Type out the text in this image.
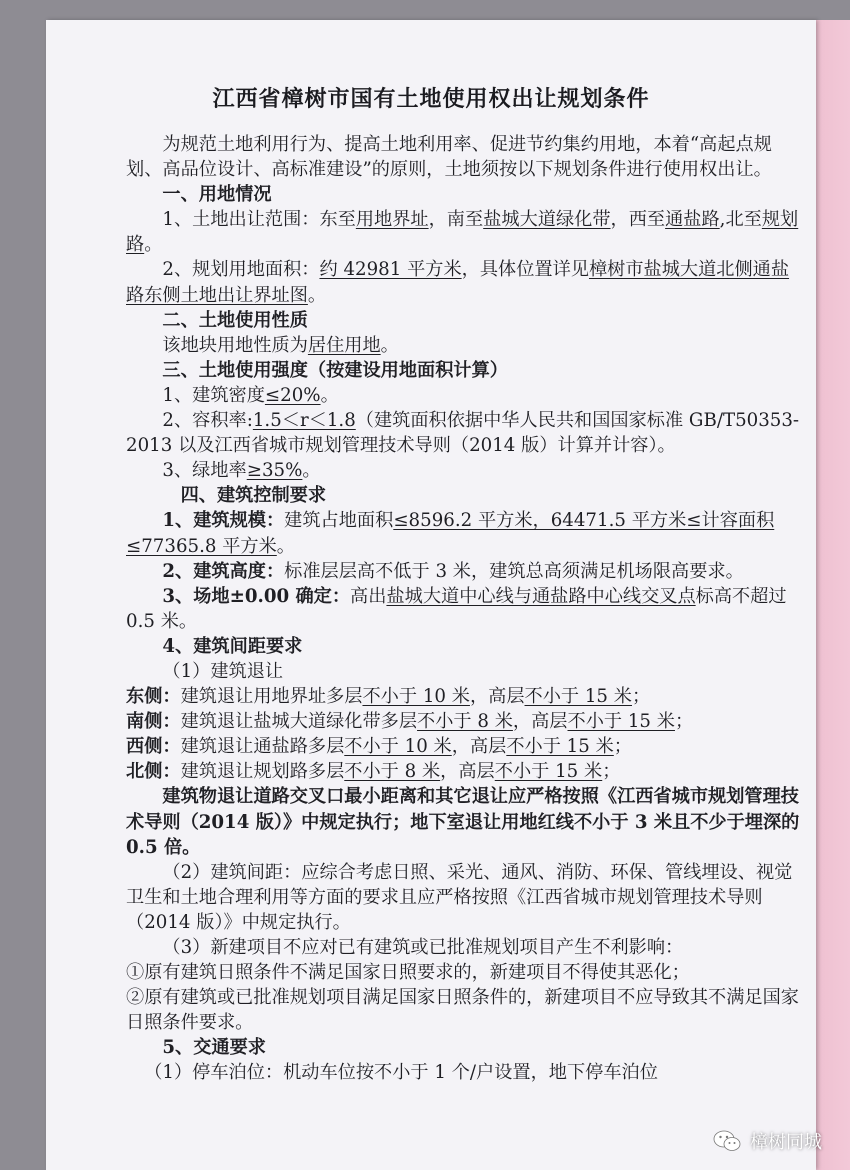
江西省樟树市国有土地使用权出让规划条件

为规范土地利用行为、提高土地利用率、促进节约集约用地，本着“高起点规划、高品位设计、高标准建设”的原则，土地须按以下规划条件进行使用权出让。

一、用地情况

1、土地出让范围：东至用地界址，南至盐城大道绿化带，西至通盐路,北至规划路。

2、规划用地面积：约 42981 平方米，具体位置详见樟树市盐城大道北侧通盐路东侧土地出让界址图。

二、土地使用性质

该地块用地性质为居住用地。

三、土地使用强度（按建设用地面积计算）

1、建筑密度≤20%。

2、容积率:1.5＜r＜1.8（建筑面积依据中华人民共和国国家标准 GB/T50353-2013 以及江西省城市规划管理技术导则（2014 版）计算并计容）。

3、绿地率≥35%。

四、建筑控制要求

1、建筑规模：建筑占地面积≤8596.2 平方米，64471.5 平方米≤计容面积≤77365.8 平方米。

2、建筑高度：标准层层高不低于 3 米，建筑总高须满足机场限高要求。

3、场地±0.00 确定：高出盐城大道中心线与通盐路中心线交叉点标高不超过 0.5 米。

4、建筑间距要求

（1）建筑退让

东侧：建筑退让用地界址多层不小于 10 米，高层不小于 15 米；

南侧：建筑退让盐城大道绿化带多层不小于 8 米，高层不小于 15 米；

西侧：建筑退让通盐路多层不小于 10 米，高层不小于 15 米；

北侧：建筑退让规划路多层不小于 8 米，高层不小于 15 米；

建筑物退让道路交叉口最小距离和其它退让应严格按照《江西省城市规划管理技术导则（2014 版）》中规定执行；地下室退让用地红线不小于 3 米且不少于埋深的 0.5 倍。

（2）建筑间距：应综合考虑日照、采光、通风、消防、环保、管线埋设、视觉卫生和土地合理利用等方面的要求且应严格按照《江西省城市规划管理技术导则（2014 版）》中规定执行。

（3）新建项目不应对已有建筑或已批准规划项目产生不利影响：

①原有建筑日照条件不满足国家日照要求的，新建项目不得使其恶化；

②原有建筑或已批准规划项目满足国家日照条件的，新建项目不应导致其不满足国家日照条件要求。

5、交通要求

（1）停车泊位：机动车位按不小于 1 个/户设置，地下停车泊位

樟树同城
